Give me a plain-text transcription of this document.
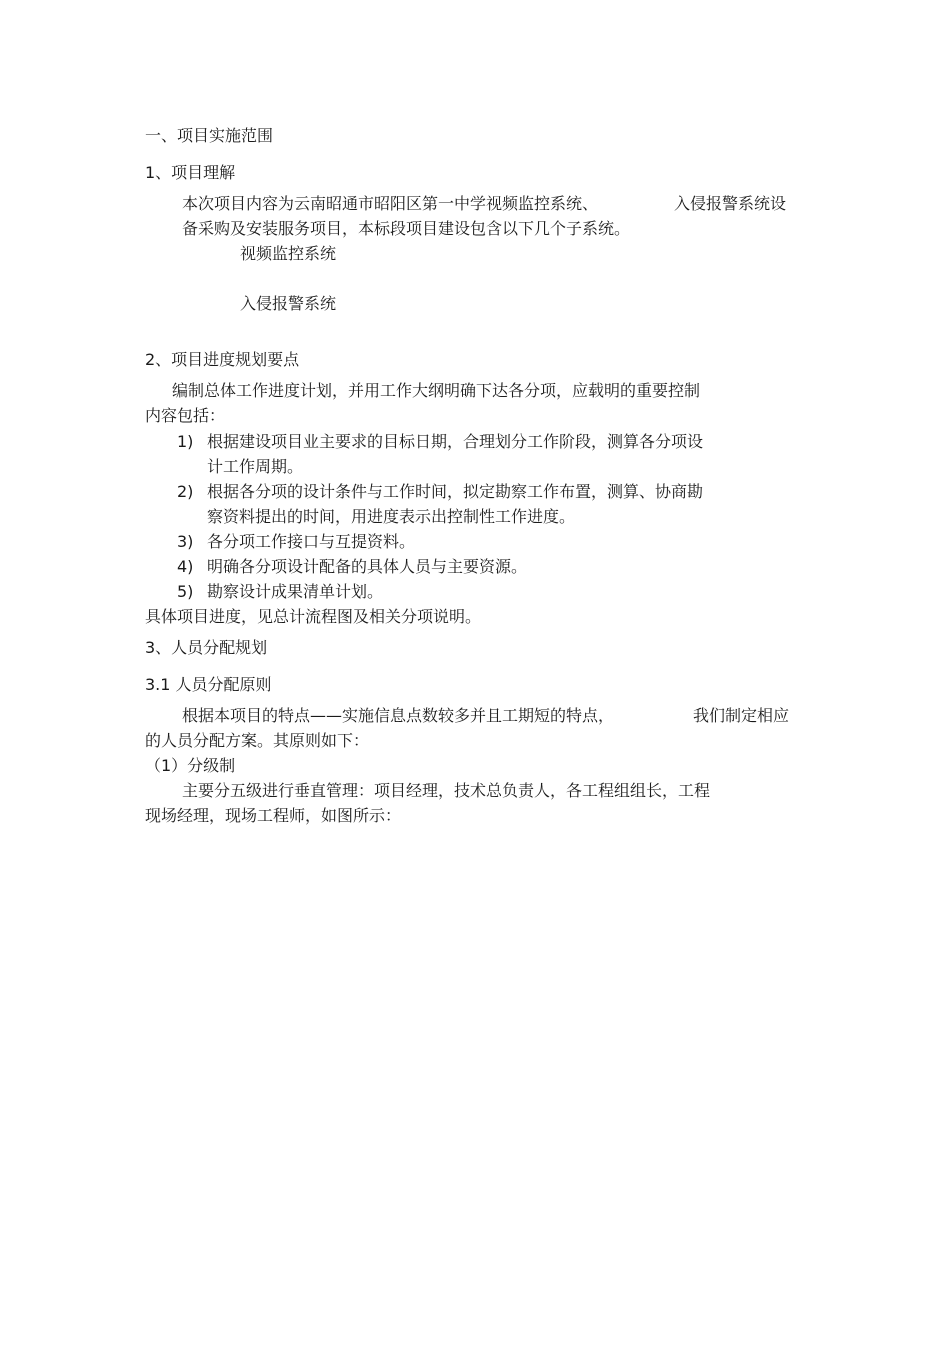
一、项目实施范围
1、项目理解
本次项目内容为云南昭通市昭阳区第一中学视频监控系统、	入侵报警系统设
备采购及安装服务项目，本标段项目建设包含以下几个子系统。
视频监控系统
入侵报警系统
2、项目进度规划要点
编制总体工作进度计划，并用工作大纲明确下达各分项，应载明的重要控制
内容包括：
1) 根据建设项目业主要求的目标日期，合理划分工作阶段，测算各分项设
计工作周期。
2) 根据各分项的设计条件与工作时间，拟定勘察工作布置，测算、协商勘
察资料提出的时间，用进度表示出控制性工作进度。
3) 各分项工作接口与互提资料。
4) 明确各分项设计配备的具体人员与主要资源。
5) 勘察设计成果清单计划。
具体项目进度，见总计流程图及相关分项说明。
3、人员分配规划
3.1 人员分配原则
根据本项目的特点——实施信息点数较多并且工期短的特点，	我们制定相应
的人员分配方案。其原则如下：
（1）分级制
主要分五级进行垂直管理：项目经理，技术总负责人，各工程组组长，工程
现场经理，现场工程师，如图所示：
